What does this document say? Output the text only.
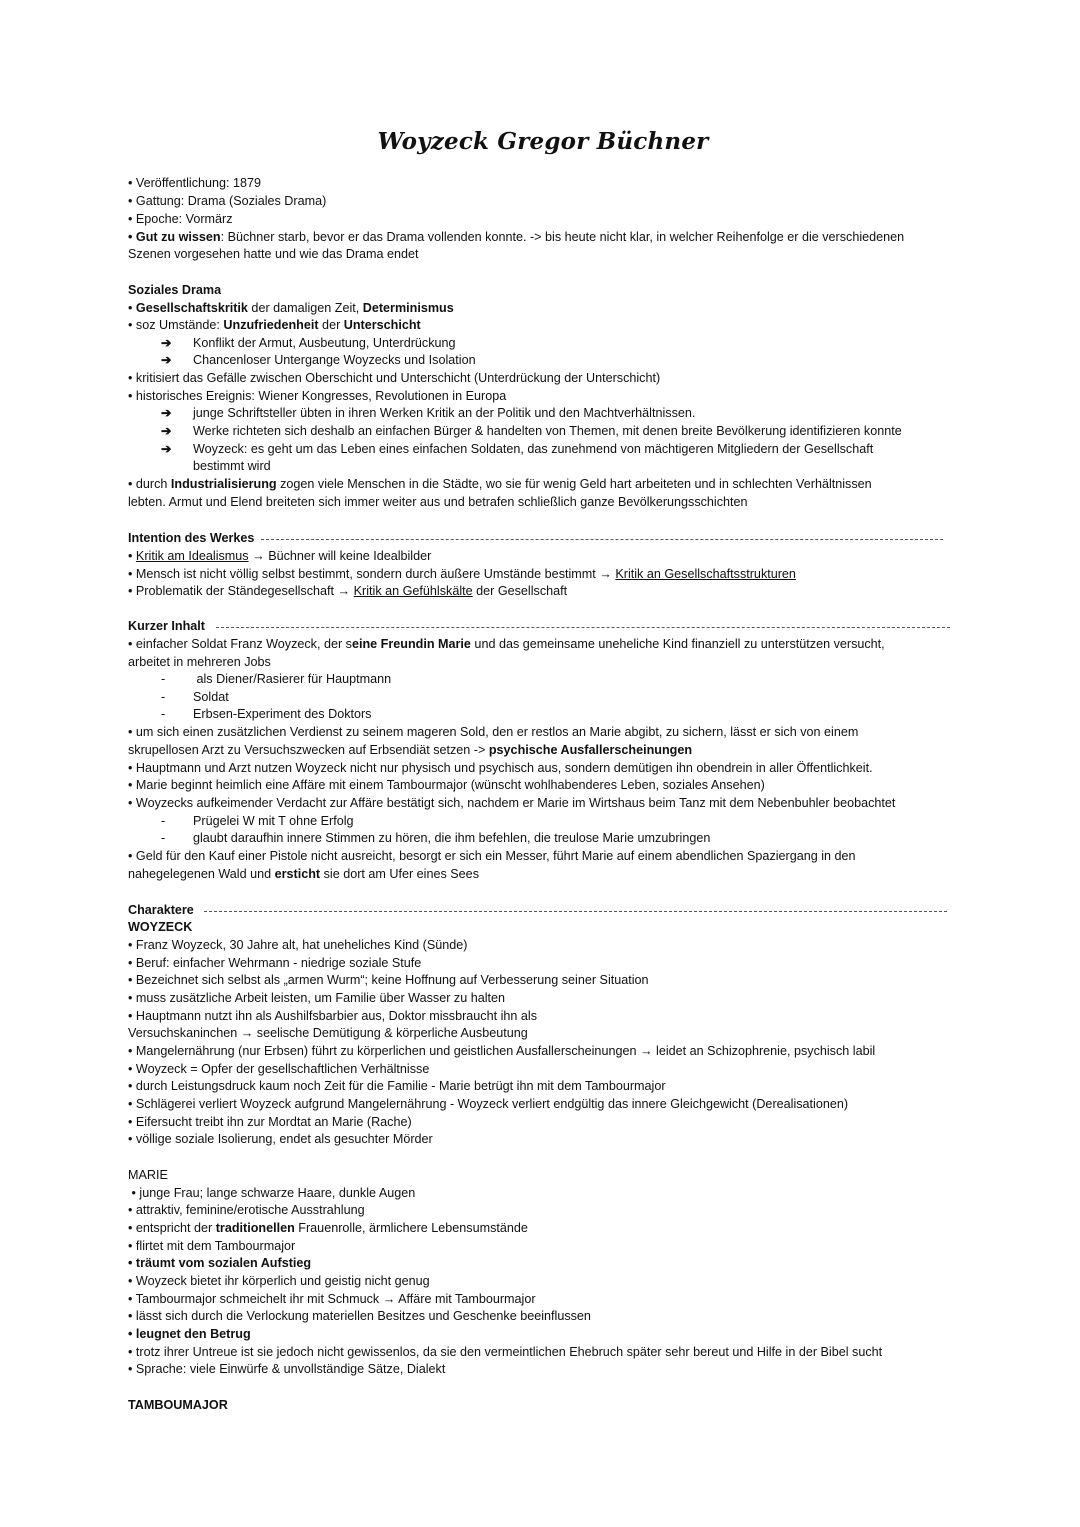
Woyzeck Gregor Büchner
• Veröffentlichung: 1879
• Gattung: Drama (Soziales Drama)
• Epoche: Vormärz
• Gut zu wissen: Büchner starb, bevor er das Drama vollenden konnte. -> bis heute nicht klar, in welcher Reihenfolge er die verschiedenen
Szenen vorgesehen hatte und wie das Drama endet
Soziales Drama
• Gesellschaftskritik der damaligen Zeit, Determinismus
• soz Umstände: Unzufriedenheit der Unterschicht
➔ Konflikt der Armut, Ausbeutung, Unterdrückung
➔ Chancenloser Untergange Woyzecks und Isolation
• kritisiert das Gefälle zwischen Oberschicht und Unterschicht (Unterdrückung der Unterschicht)
• historisches Ereignis: Wiener Kongresses, Revolutionen in Europa
➔ junge Schriftsteller übten in ihren Werken Kritik an der Politik und den Machtverhältnissen.
➔ Werke richteten sich deshalb an einfachen Bürger & handelten von Themen, mit denen breite Bevölkerung identifizieren konnte
➔ Woyzeck: es geht um das Leben eines einfachen Soldaten, das zunehmend von mächtigeren Mitgliedern der Gesellschaft
bestimmt wird
• durch Industrialisierung zogen viele Menschen in die Städte, wo sie für wenig Geld hart arbeiteten und in schlechten Verhältnissen
lebten. Armut und Elend breiteten sich immer weiter aus und betrafen schließlich ganze Bevölkerungsschichten
Intention des Werkes
• Kritik am Idealismus → Büchner will keine Idealbilder
• Mensch ist nicht völlig selbst bestimmt, sondern durch äußere Umstände bestimmt → Kritik an Gesellschaftsstrukturen
• Problematik der Ständegesellschaft → Kritik an Gefühlskälte der Gesellschaft
Kurzer Inhalt
• einfacher Soldat Franz Woyzeck, der seine Freundin Marie und das gemeinsame uneheliche Kind finanziell zu unterstützen versucht,
arbeitet in mehreren Jobs
- als Diener/Rasierer für Hauptmann
- Soldat
- Erbsen-Experiment des Doktors
• um sich einen zusätzlichen Verdienst zu seinem mageren Sold, den er restlos an Marie abgibt, zu sichern, lässt er sich von einem
skrupellosen Arzt zu Versuchszwecken auf Erbsendiät setzen -> psychische Ausfallerscheinungen
• Hauptmann und Arzt nutzen Woyzeck nicht nur physisch und psychisch aus, sondern demütigen ihn obendrein in aller Öffentlichkeit.
• Marie beginnt heimlich eine Affäre mit einem Tambourmajor (wünscht wohlhabenderes Leben, soziales Ansehen)
• Woyzecks aufkeimender Verdacht zur Affäre bestätigt sich, nachdem er Marie im Wirtshaus beim Tanz mit dem Nebenbuhler beobachtet
- Prügelei W mit T ohne Erfolg
- glaubt daraufhin innere Stimmen zu hören, die ihm befehlen, die treulose Marie umzubringen
• Geld für den Kauf einer Pistole nicht ausreicht, besorgt er sich ein Messer, führt Marie auf einem abendlichen Spaziergang in den
nahegelegenen Wald und ersticht sie dort am Ufer eines Sees
Charaktere
WOYZECK
• Franz Woyzeck, 30 Jahre alt, hat uneheliches Kind (Sünde)
• Beruf: einfacher Wehrmann - niedrige soziale Stufe
• Bezeichnet sich selbst als „armen Wurm“; keine Hoffnung auf Verbesserung seiner Situation
• muss zusätzliche Arbeit leisten, um Familie über Wasser zu halten
• Hauptmann nutzt ihn als Aushilfsbarbier aus, Doktor missbraucht ihn als
Versuchskaninchen → seelische Demütigung & körperliche Ausbeutung
• Mangelernährung (nur Erbsen) führt zu körperlichen und geistlichen Ausfallerscheinungen → leidet an Schizophrenie, psychisch labil
• Woyzeck = Opfer der gesellschaftlichen Verhältnisse
• durch Leistungsdruck kaum noch Zeit für die Familie - Marie betrügt ihn mit dem Tambourmajor
• Schlägerei verliert Woyzeck aufgrund Mangelernährung - Woyzeck verliert endgültig das innere Gleichgewicht (Derealisationen)
• Eifersucht treibt ihn zur Mordtat an Marie (Rache)
• völlige soziale Isolierung, endet als gesuchter Mörder
MARIE
• junge Frau; lange schwarze Haare, dunkle Augen
• attraktiv, feminine/erotische Ausstrahlung
• entspricht der traditionellen Frauenrolle, ärmlichere Lebensumstände
• flirtet mit dem Tambourmajor
• träumt vom sozialen Aufstieg
• Woyzeck bietet ihr körperlich und geistig nicht genug
• Tambourmajor schmeichelt ihr mit Schmuck → Affäre mit Tambourmajor
• lässt sich durch die Verlockung materiellen Besitzes und Geschenke beeinflussen
• leugnet den Betrug
• trotz ihrer Untreue ist sie jedoch nicht gewissenlos, da sie den vermeintlichen Ehebruch später sehr bereut und Hilfe in der Bibel sucht
• Sprache: viele Einwürfe & unvollständige Sätze, Dialekt
TAMBOUMAJOR
